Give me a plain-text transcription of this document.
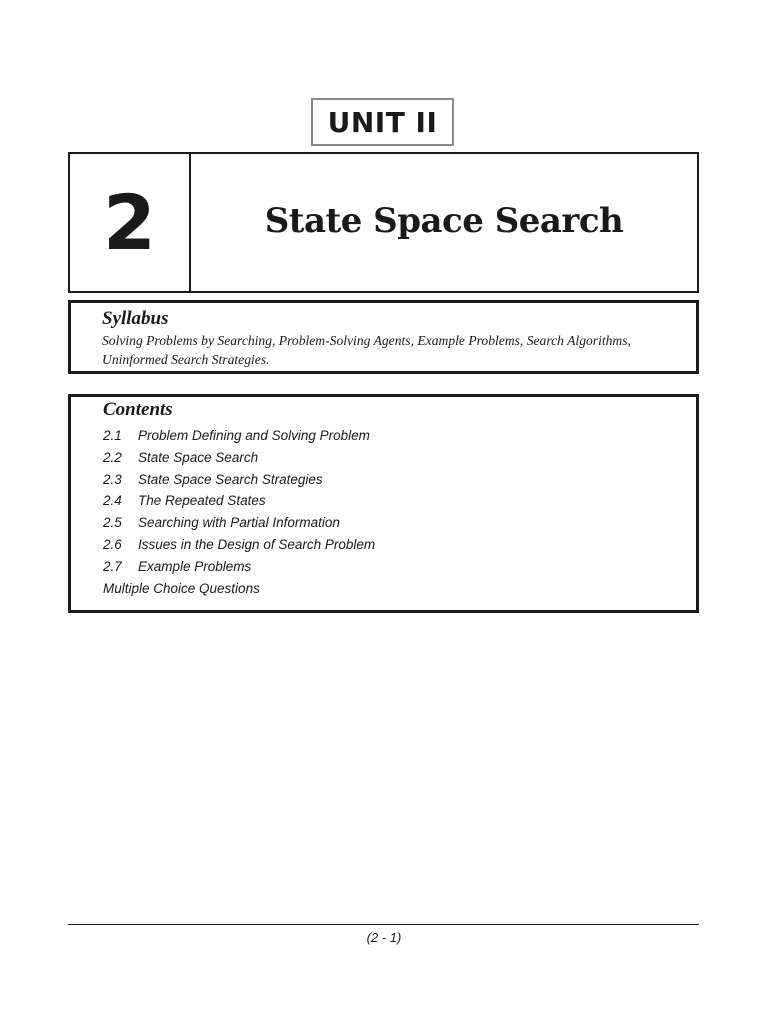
UNIT II
2	State Space Search
Syllabus
Solving Problems by Searching, Problem-Solving Agents, Example Problems, Search Algorithms,
Uninformed Search Strategies.
Contents
2.1	Problem Defining and Solving Problem
2.2	State Space Search
2.3	State Space Search Strategies
2.4	The Repeated States
2.5	Searching with Partial Information
2.6	Issues in the Design of Search Problem
2.7	Example Problems
Multiple Choice Questions
(2 - 1)
